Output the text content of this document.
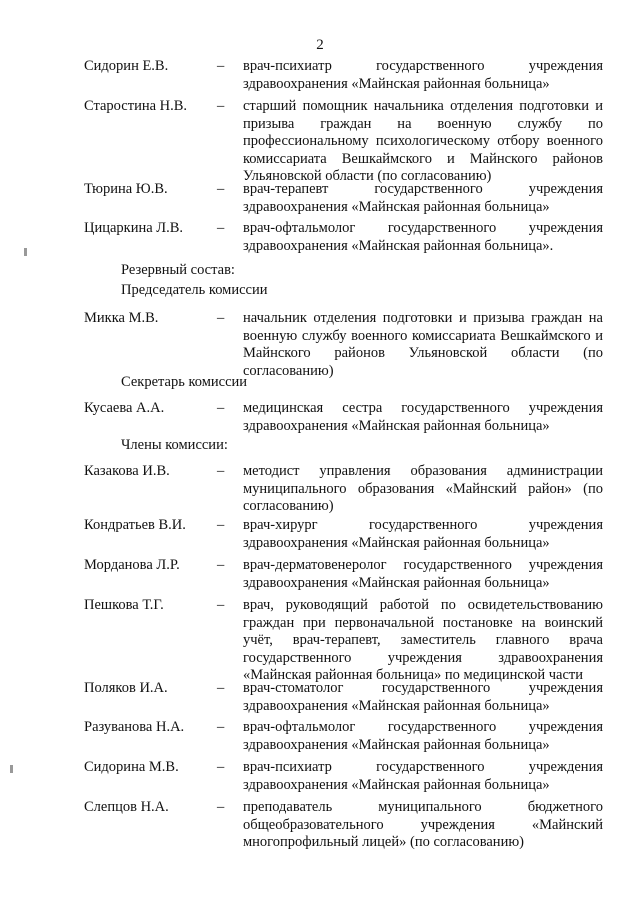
2
Сидорин Е.В.	– врач-психиатр государственного учреждения здравоохранения «Майнская районная больница»
Старостина Н.В. – старший помощник начальника отделения подготовки и призыва граждан на военную службу по профессиональному психологическому отбору военного комиссариата Вешкаймского и Майнского районов Ульяновской области (по согласованию)
Тюрина Ю.В.	– врач-терапевт государственного учреждения здравоохранения «Майнская районная больница»
Цицаркина Л.В. – врач-офтальмолог государственного учреждения здравоохранения «Майнская районная больница».
Резервный состав:
Председатель комиссии
Микка М.В.	– начальник отделения подготовки и призыва граждан на военную службу военного комиссариата Вешкаймского и Майнского районов Ульяновской области (по согласованию)
Секретарь комиссии
Кусаева А.А.	– медицинская сестра государственного учреждения здравоохранения «Майнская районная больница»
Члены комиссии:
Казакова И.В.	– методист управления образования администрации муниципального образования «Майнский район» (по согласованию)
Кондратьев В.И. – врач-хирург государственного учреждения здравоохранения «Майнская районная больница»
Морданова Л.Р.	– врач-дерматовенеролог государственного учреждения здравоохранения «Майнская районная больница»
Пешкова Т.Г.	– врач, руководящий работой по освидетельствованию граждан при первоначальной постановке на воинский учёт, врач-терапевт, заместитель главного врача государственного учреждения здравоохранения «Майнская районная больница» по медицинской части
Поляков И.А.	– врач-стоматолог государственного учреждения здравоохранения «Майнская районная больница»
Разуванова Н.А. – врач-офтальмолог государственного учреждения здравоохранения «Майнская районная больница»
Сидорина М.В.	– врач-психиатр государственного учреждения здравоохранения «Майнская районная больница»
Слепцов Н.А.	– преподаватель муниципального бюджетного общеобразовательного учреждения «Майнский многопрофильный лицей» (по согласованию)
